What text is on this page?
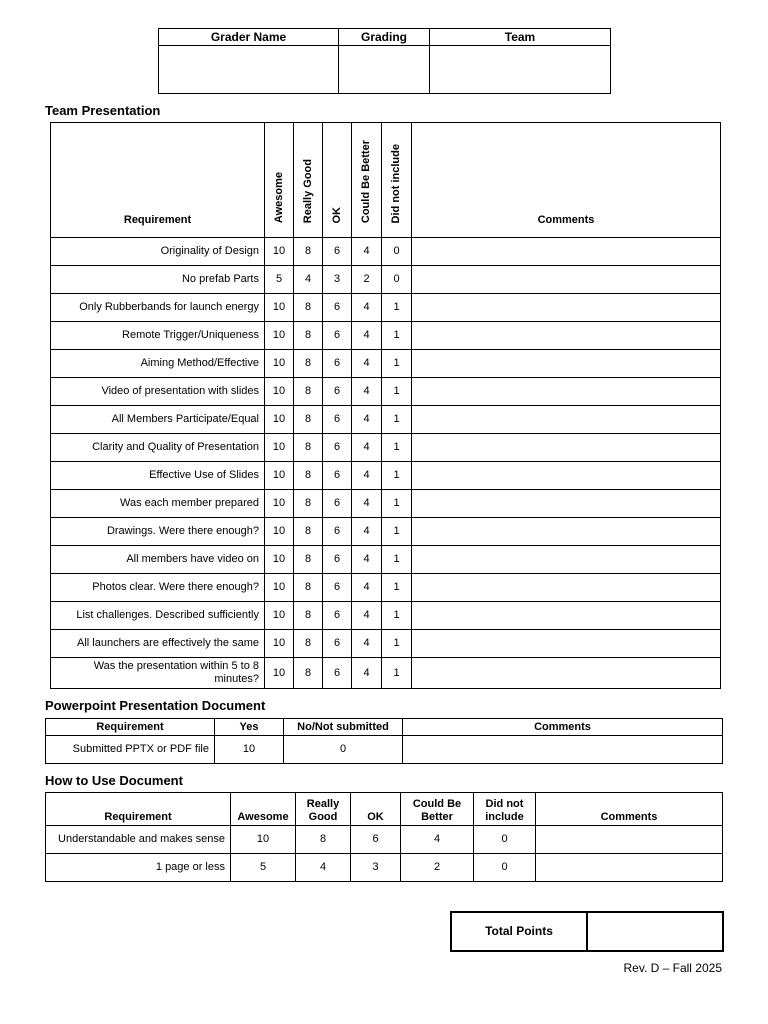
Grader Name	Grading	Team

Team Presentation
Requirement	Awesome	Really Good	OK	Could Be Better	Did not include	Comments
Originality of Design	10	8	6	4	0	
No prefab Parts	5	4	3	2	0	
Only Rubberbands for launch energy	10	8	6	4	1	
Remote Trigger/Uniqueness	10	8	6	4	1	
Aiming Method/Effective	10	8	6	4	1	
Video of presentation with slides	10	8	6	4	1	
All Members Participate/Equal	10	8	6	4	1	
Clarity and Quality of Presentation	10	8	6	4	1	
Effective Use of Slides	10	8	6	4	1	
Was each member prepared	10	8	6	4	1	
Drawings. Were there enough?	10	8	6	4	1	
All members have video on	10	8	6	4	1	
Photos clear. Were there enough?	10	8	6	4	1	
List challenges. Described sufficiently	10	8	6	4	1	
All launchers are effectively the same	10	8	6	4	1	
Was the presentation within 5 to 8 minutes?	10	8	6	4	1	
Powerpoint Presentation Document
Requirement	Yes	No/Not submitted	Comments
Submitted PPTX or PDF file	10	0	
How to Use Document
Requirement	Awesome	Really Good	OK	Could Be Better	Did not include	Comments
Understandable and makes sense	10	8	6	4	0	
1 page or less	5	4	3	2	0	
Total Points	

Rev. D – Fall 2025
